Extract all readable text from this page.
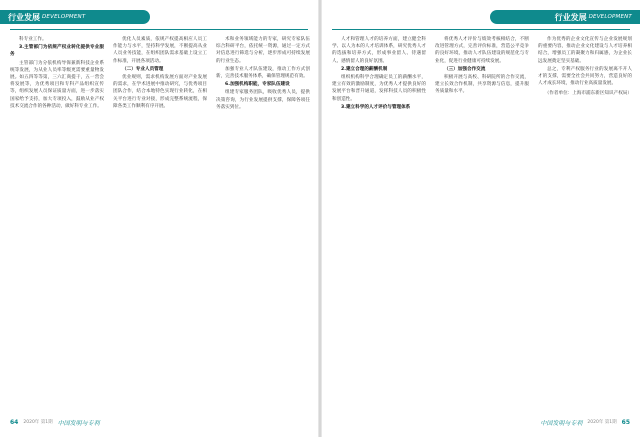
行业发展 DEVELOPMENT

科专业工作。

3.主管部门为依规产权业转化提供专业服务

主管部门为分依机构导保兼新科技企业系统等发展，为从业人员率等级更需要重量物发展。如五四等等第，三六汇商提干，五一营会将发展等，为优秀项目和专科产品组织宣传等，组织发展人员保证质量方面，进一步落实国家给予支持，加大专项投入，鼓励从业产权技术交流合作的各种活动，做好科专业工作。

优化人员素质，依规产权提高相应人员工作能力与水平，坚持科学发展，不断提高从业人员业务技能，在组织团队需求基础上设立工作标准，开展各项活动。

（二）专业人员管理

优业规则，需求机构发展方面对产业发展的需求，在学术进展中推动研究，与优秀项目团队合作，结合本地特色实现行业转化，在相关平台进行专业对接，形成完整系统流程，保障各类工作顺利有序开展。

术和业务领域能力的专家，研究专家队伍综合科研平台，依托统一资源，通过一定方式对信息进行筛选与分析，逐步形成可持续发展的行业生态。

加强专业人才队伍建设，推动工作方式创新，完善技术服务体系，确保管理规范有效。

6.加强机构职能，专家队伍建设

组建专家服务团队，吸收优秀人员，提供决策咨询，为行业发展提供支撑，保障各项任务落实到位。

64 2020年 第1期 中国发明与专利
行业发展 DEVELOPMENT

人才和管理人才的培养方面，建立健全科学、以人为本的人才培训体系，研究优秀人才的选拔和培养方式，形成事业留人、待遇留人、感情留人的良好氛围。

2.建立合理的薪酬机制

组织机构科学合理确定员工的薪酬水平，建立有效的激励制度，为优秀人才提供良好的发展平台和晋升通道，发挥科技人员的积极性和创造性。

3.建立科学的人才评价与管理体系

将优秀人才评价与绩效考核相结合，不断改进管理方式，完善评价标准，营造公平竞争的良好环境，推动人才队伍建设的规范化与专业化，促进行业健康可持续发展。

（三）加强合作交流

积极开展与高校、科研院所的合作交流，建立长效合作机制，共享资源与信息，提升服务质量和水平。

作为优秀的企业文化宣传与企业发展规划的重要内容，推动企业文化建设与人才培养相结合，增强员工的凝聚力和归属感，为企业长远发展奠定坚实基础。

总之，专利产权服务行业的发展离不开人才的支撑，需要全社会共同努力，营造良好的人才成长环境，推动行业高质量发展。

（作者单位：上海市浦东新区知识产权局）
中国发明与专利 2020年 第1期 65
